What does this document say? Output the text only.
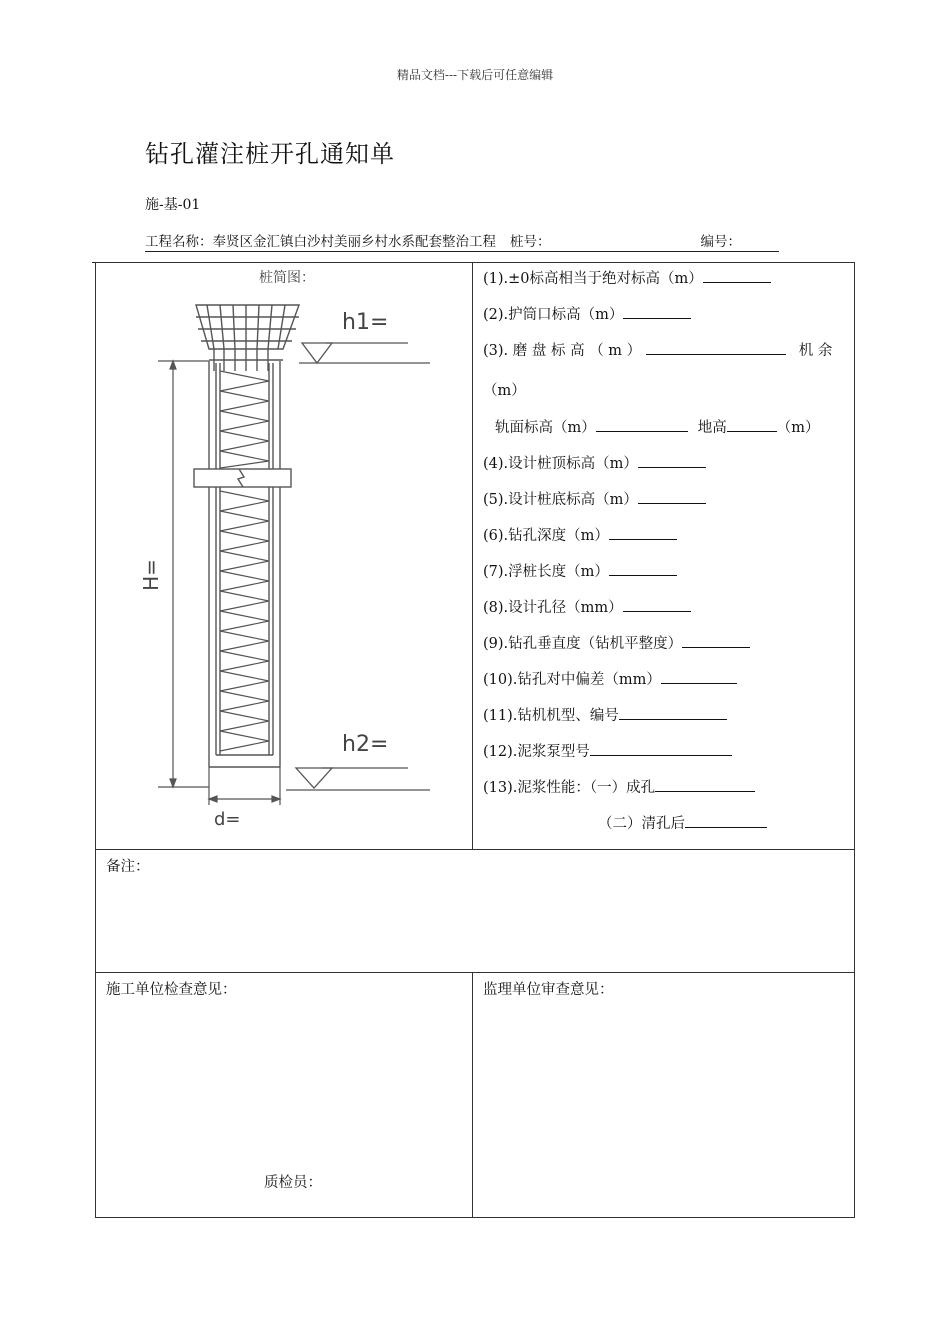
精品文档---下载后可任意编辑
钻孔灌注桩开孔通知单
施-基-01
工程名称：奉贤区金汇镇白沙村美丽乡村水系配套整治工程 桩号：	编号：
桩简图：
H=
d=
h1=
h2=
(1).±0标高相当于绝对标高（m）
(2).护筒口标高（m）
(3). 磨 盘 标 高 （ m ）	机 余
（m）
轨面标高（m）	地高	（m）
(4).设计桩顶标高（m）
(5).设计桩底标高（m）
(6).钻孔深度（m）
(7).浮桩长度（m）
(8).设计孔径（mm）
(9).钻孔垂直度（钻机平整度）
(10).钻孔对中偏差（mm）
(11).钻机机型、编号
(12).泥浆泵型号
(13).泥浆性能：（一）成孔
（二）清孔后
备注：
施工单位检查意见：	监理单位审查意见：
质检员：
